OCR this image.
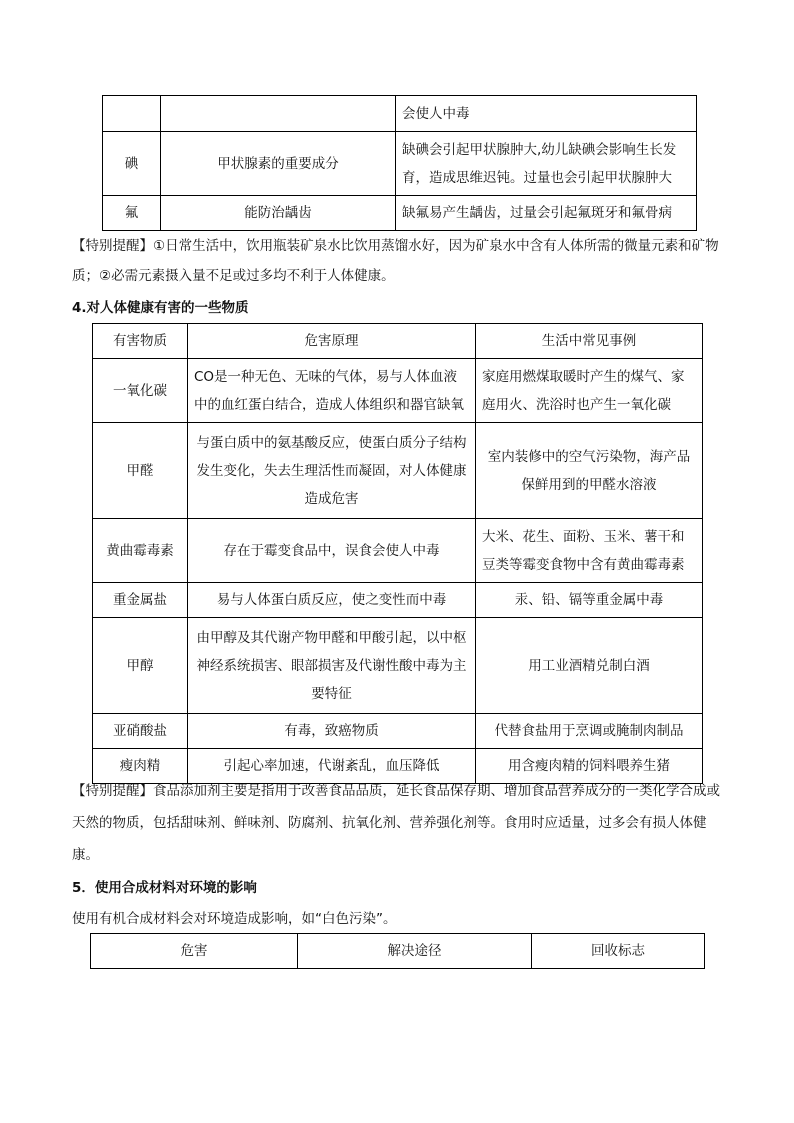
		会使人中毒
碘	甲状腺素的重要成分	缺碘会引起甲状腺肿大,幼儿缺碘会影响生长发育，造成思维迟钝。过量也会引起甲状腺肿大
氟	能防治龋齿	缺氟易产生龋齿，过量会引起氟斑牙和氟骨病
【特别提醒】①日常生活中，饮用瓶装矿泉水比饮用蒸馏水好，因为矿泉水中含有人体所需的微量元素和矿物质；②必需元素摄入量不足或过多均不利于人体健康。
4.对人体健康有害的一些物质
有害物质	危害原理	生活中常见事例
一氧化碳	CO是一种无色、无味的气体，易与人体血液中的血红蛋白结合，造成人体组织和器官缺氧	家庭用燃煤取暖时产生的煤气、家庭用火、洗浴时也产生一氧化碳
甲醛	与蛋白质中的氨基酸反应，使蛋白质分子结构发生变化，失去生理活性而凝固，对人体健康造成危害	室内装修中的空气污染物，海产品保鲜用到的甲醛水溶液
黄曲霉毒素	存在于霉变食品中，误食会使人中毒	大米、花生、面粉、玉米、薯干和豆类等霉变食物中含有黄曲霉毒素
重金属盐	易与人体蛋白质反应，使之变性而中毒	汞、铅、镉等重金属中毒
甲醇	由甲醇及其代谢产物甲醛和甲酸引起，以中枢神经系统损害、眼部损害及代谢性酸中毒为主要特征	用工业酒精兑制白酒
亚硝酸盐	有毒，致癌物质	代替食盐用于烹调或腌制肉制品
瘦肉精	引起心率加速，代谢紊乱，血压降低	用含瘦肉精的饲料喂养生猪
【特别提醒】食品添加剂主要是指用于改善食品品质，延长食品保存期、增加食品营养成分的一类化学合成或天然的物质，包括甜味剂、鲜味剂、防腐剂、抗氧化剂、营养强化剂等。食用时应适量，过多会有损人体健康。
5．使用合成材料对环境的影响
使用有机合成材料会对环境造成影响，如“白色污染”。
危害	解决途径	回收标志
